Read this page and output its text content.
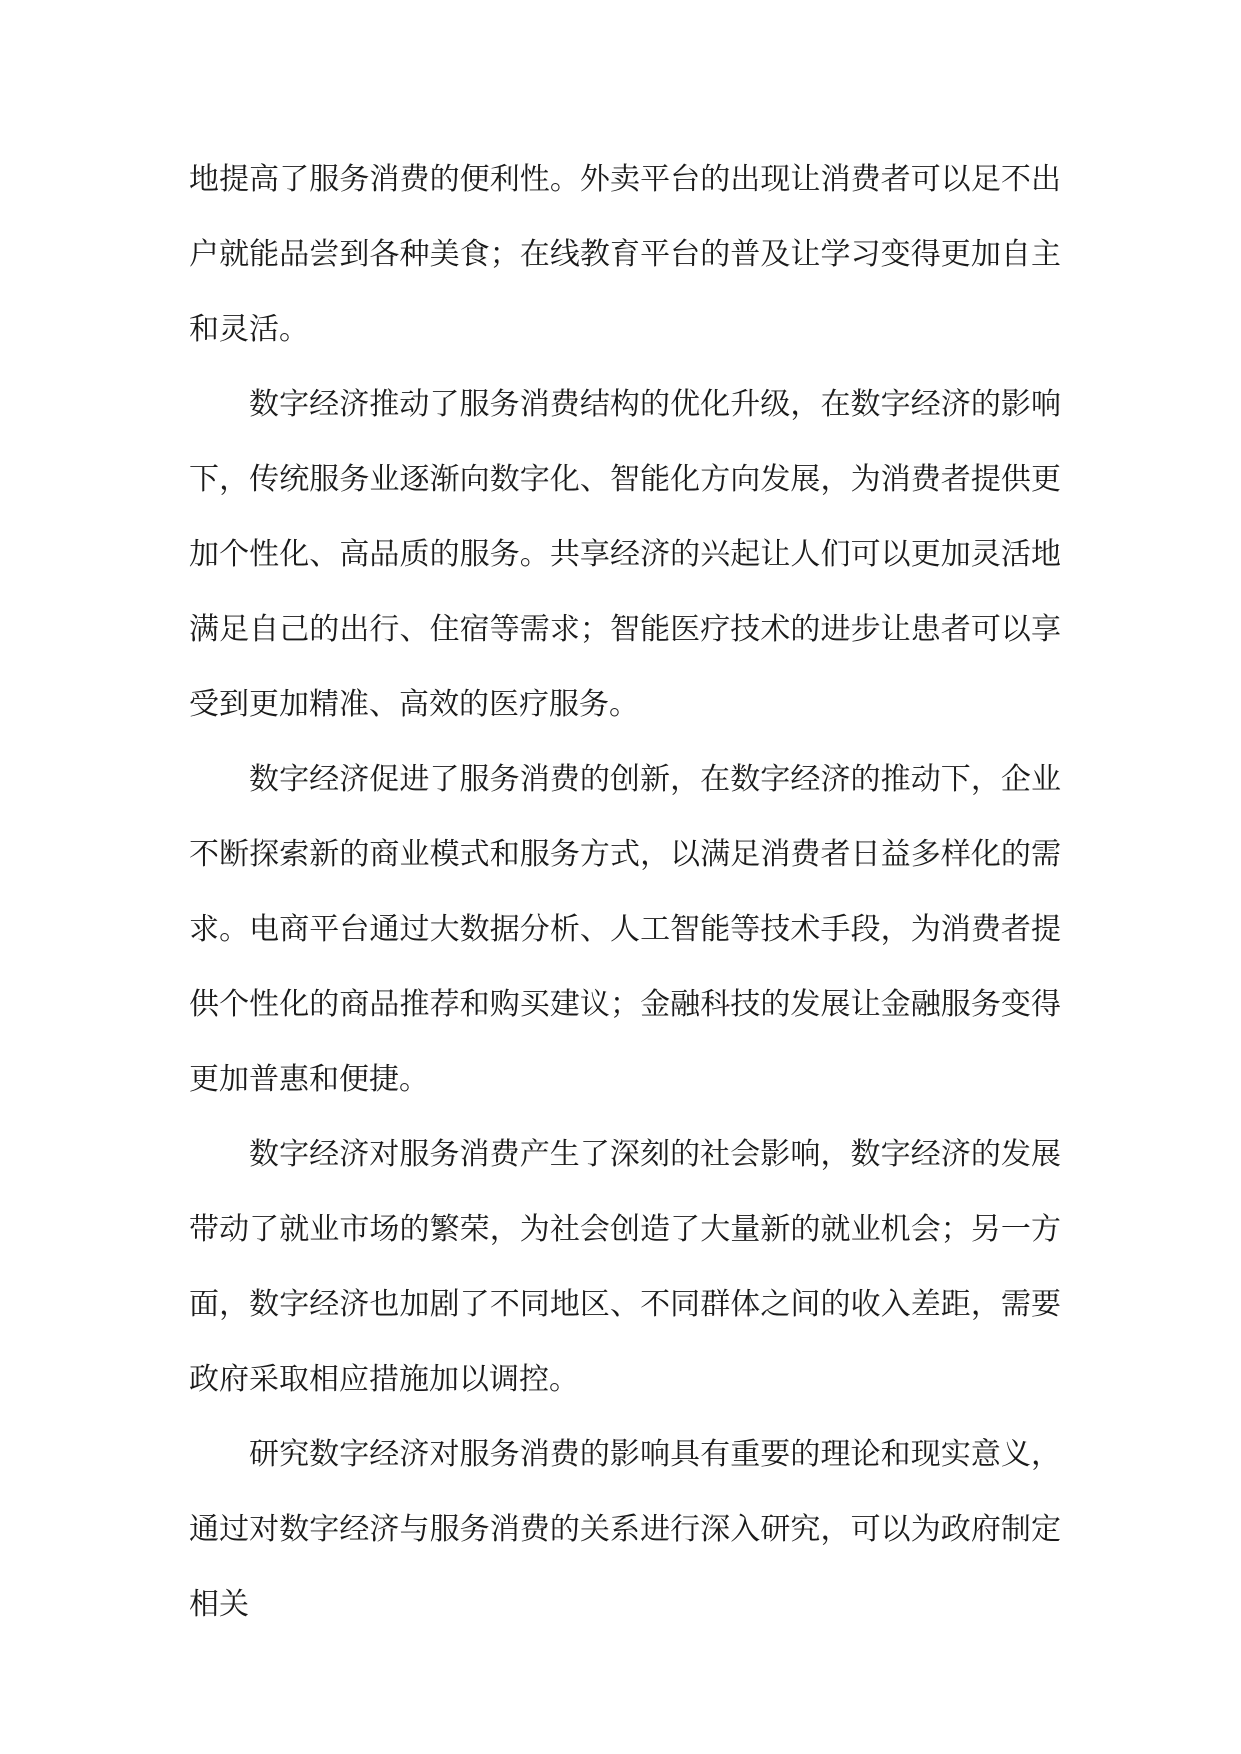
地提高了服务消费的便利性。外卖平台的出现让消费者可以足不出户就能品尝到各种美食；在线教育平台的普及让学习变得更加自主和灵活。

数字经济推动了服务消费结构的优化升级，在数字经济的影响下，传统服务业逐渐向数字化、智能化方向发展，为消费者提供更加个性化、高品质的服务。共享经济的兴起让人们可以更加灵活地满足自己的出行、住宿等需求；智能医疗技术的进步让患者可以享受到更加精准、高效的医疗服务。

数字经济促进了服务消费的创新，在数字经济的推动下，企业不断探索新的商业模式和服务方式，以满足消费者日益多样化的需求。电商平台通过大数据分析、人工智能等技术手段，为消费者提供个性化的商品推荐和购买建议；金融科技的发展让金融服务变得更加普惠和便捷。

数字经济对服务消费产生了深刻的社会影响，数字经济的发展带动了就业市场的繁荣，为社会创造了大量新的就业机会；另一方面，数字经济也加剧了不同地区、不同群体之间的收入差距，需要政府采取相应措施加以调控。

研究数字经济对服务消费的影响具有重要的理论和现实意义，通过对数字经济与服务消费的关系进行深入研究，可以为政府制定相关
